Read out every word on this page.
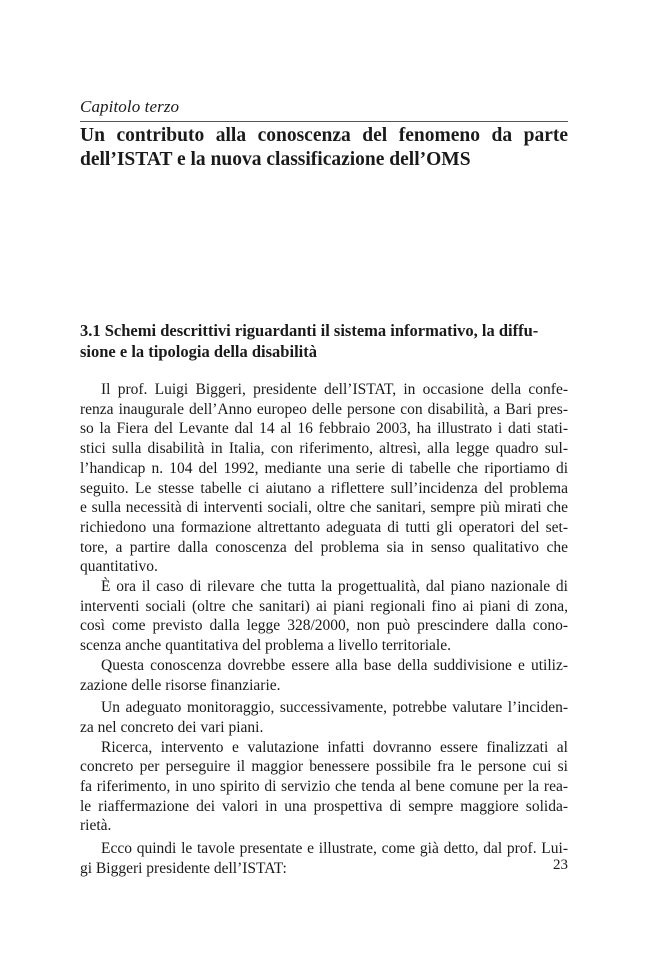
Capitolo terzo
Un contributo alla conoscenza del fenomeno da parte
dell’ISTAT e la nuova classificazione dell’OMS
3.1 Schemi descrittivi riguardanti il sistema informativo, la diffu-
sione e la tipologia della disabilità
Il prof. Luigi Biggeri, presidente dell’ISTAT, in occasione della confe-
renza inaugurale dell’Anno europeo delle persone con disabilità, a Bari pres-
so la Fiera del Levante dal 14 al 16 febbraio 2003, ha illustrato i dati stati-
stici sulla disabilità in Italia, con riferimento, altresì, alla legge quadro sul-
l’handicap n. 104 del 1992, mediante una serie di tabelle che riportiamo di
seguito. Le stesse tabelle ci aiutano a riflettere sull’incidenza del problema
e sulla necessità di interventi sociali, oltre che sanitari, sempre più mirati che
richiedono una formazione altrettanto adeguata di tutti gli operatori del set-
tore, a partire dalla conoscenza del problema sia in senso qualitativo che
quantitativo.
È ora il caso di rilevare che tutta la progettualità, dal piano nazionale di
interventi sociali (oltre che sanitari) ai piani regionali fino ai piani di zona,
così come previsto dalla legge 328/2000, non può prescindere dalla cono-
scenza anche quantitativa del problema a livello territoriale.
Questa conoscenza dovrebbe essere alla base della suddivisione e utiliz-
zazione delle risorse finanziarie.
Un adeguato monitoraggio, successivamente, potrebbe valutare l’inciden-
za nel concreto dei vari piani.
Ricerca, intervento e valutazione infatti dovranno essere finalizzati al
concreto per perseguire il maggior benessere possibile fra le persone cui si
fa riferimento, in uno spirito di servizio che tenda al bene comune per la rea-
le riaffermazione dei valori in una prospettiva di sempre maggiore solida-
rietà.
Ecco quindi le tavole presentate e illustrate, come già detto, dal prof. Lui-
gi Biggeri presidente dell’ISTAT:	23
